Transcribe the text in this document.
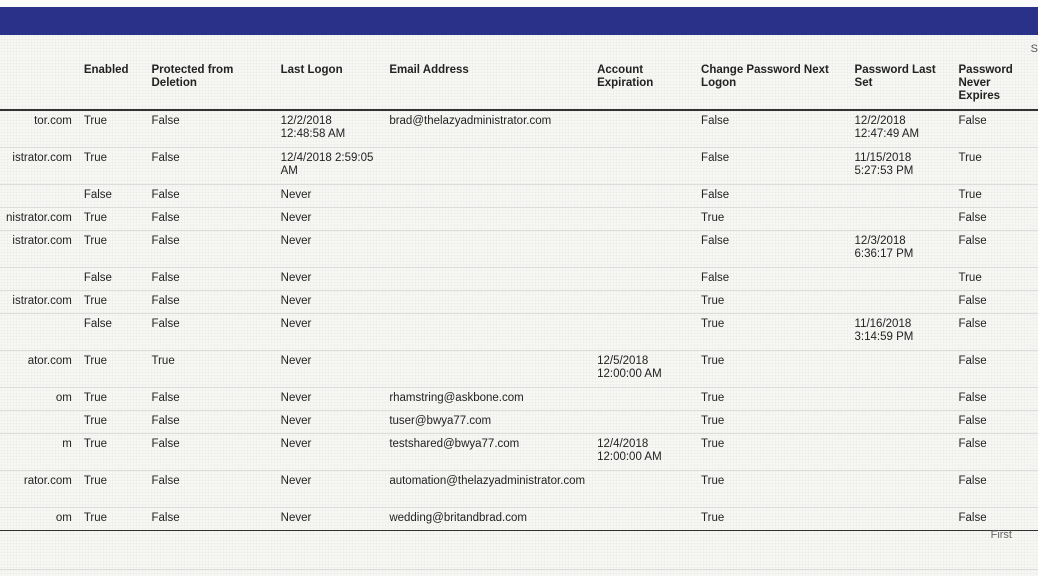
S
	Enabled	Protected from Deletion	Last Logon	Email Address	Account Expiration	Change Password Next Logon	Password Last Set	Password Never Expires
tor.com	True	False	12/2/2018 12:48:58 AM	brad@thelazyadministrator.com		False	12/2/2018 12:47:49 AM	False
istrator.com	True	False	12/4/2018 2:59:05 AM			False	11/15/2018 5:27:53 PM	True
	False	False	Never			False		True
nistrator.com	True	False	Never			True		False
istrator.com	True	False	Never			False	12/3/2018 6:36:17 PM	False
	False	False	Never			False		True
istrator.com	True	False	Never			True		False
	False	False	Never			True	11/16/2018 3:14:59 PM	False
ator.com	True	True	Never		12/5/2018 12:00:00 AM	True		False
om	True	False	Never	rhamstring@askbone.com		True		False
	True	False	Never	tuser@bwya77.com		True		False
m	True	False	Never	testshared@bwya77.com	12/4/2018 12:00:00 AM	True		False
rator.com	True	False	Never	automation@thelazyadministrator.com		True		False
om	True	False	Never	wedding@britandbrad.com		True		False
First
